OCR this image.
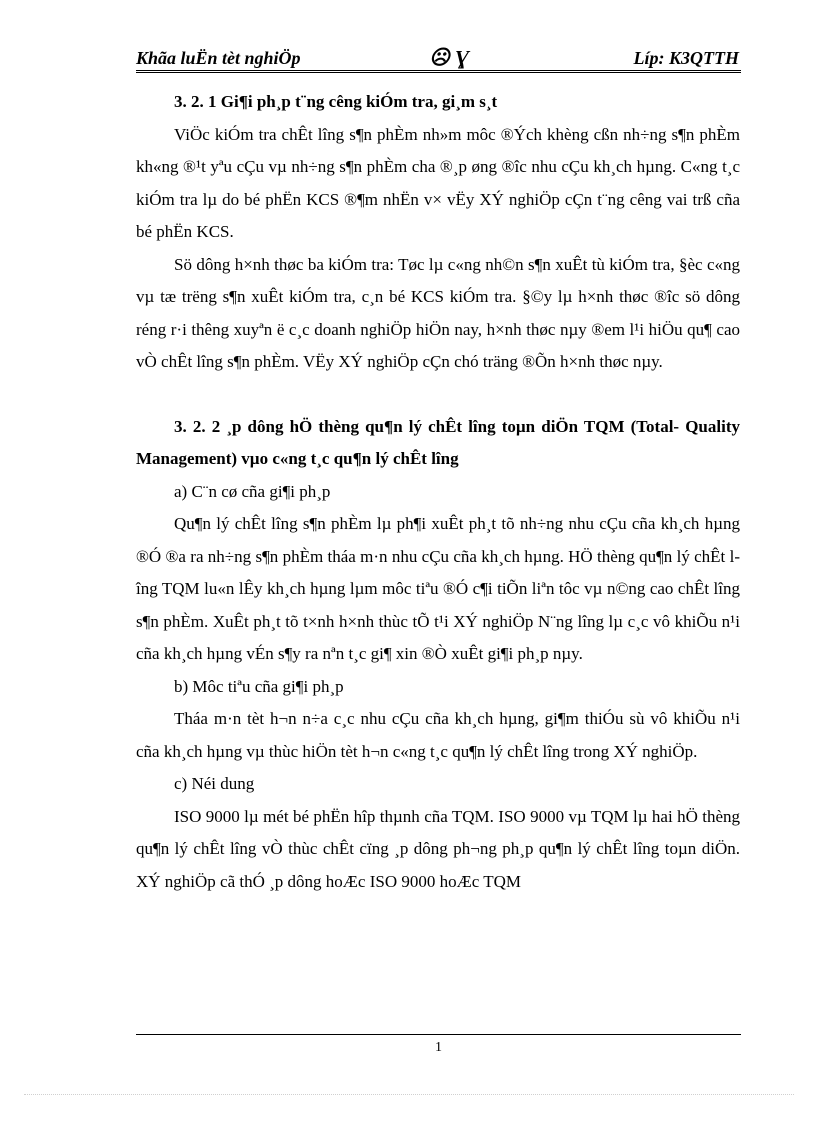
Khãa luËn tèt nghiÖp	☹ Ɣ	Líp: K3QTTH

3. 2. 1 Gi¶i ph¸p t¨ng cêng kiÓm tra, gi¸m s¸t

ViÖc kiÓm tra chÊt lîng s¶n phÈm nh»m môc ®Ých khèng cßn nh÷ng s¶n phÈm kh«ng ®¹t yªu cÇu vµ nh÷ng s¶n phÈm cha ®¸p øng ®îc nhu cÇu kh¸ch hµng. C«ng t¸c kiÓm tra lµ do bé phËn KCS ®¶m nhËn v× vËy XÝ nghiÖp cÇn t¨ng cêng vai trß cña bé phËn KCS.

Sö dông h×nh thøc ba kiÓm tra: Tøc lµ c«ng nh©n s¶n xuÊt tù kiÓm tra, §èc c«ng vµ tæ trëng s¶n xuÊt kiÓm tra, c¸n bé KCS kiÓm tra. §©y lµ h×nh thøc ®îc sö dông réng r·i thêng xuyªn ë c¸c doanh nghiÖp hiÖn nay, h×nh thøc nµy ®em l¹i hiÖu qu¶ cao vÒ chÊt lîng s¶n phÈm. VËy XÝ nghiÖp cÇn chó träng ®Õn h×nh thøc nµy.

3. 2. 2 ¸p dông hÖ thèng qu¶n lý chÊt lîng toµn diÖn TQM (Total- Quality Management) vµo c«ng t¸c qu¶n lý chÊt lîng

a) C¨n cø cña gi¶i ph¸p

Qu¶n lý chÊt lîng s¶n phÈm lµ ph¶i xuÊt ph¸t tõ nh÷ng nhu cÇu cña kh¸ch hµng ®Ó ®a ra nh÷ng s¶n phÈm tháa m·n nhu cÇu cña kh¸ch hµng. HÖ thèng qu¶n lý chÊt lîng TQM lu«n lÊy kh¸ch hµng lµm môc tiªu ®Ó c¶i tiÕn liªn tôc vµ n©ng cao chÊt lîng s¶n phÈm. XuÊt ph¸t tõ t×nh h×nh thùc tÕ t¹i XÝ nghiÖp N¨ng lîng lµ c¸c vô khiÕu n¹i cña kh¸ch hµng vÉn s¶y ra nªn t¸c gi¶ xin ®Ò xuÊt gi¶i ph¸p nµy.

b) Môc tiªu cña gi¶i ph¸p

Tháa m·n tèt h¬n n÷a c¸c nhu cÇu cña kh¸ch hµng, gi¶m thiÓu sù vô khiÕu n¹i cña kh¸ch hµng vµ thùc hiÖn tèt h¬n c«ng t¸c qu¶n lý chÊt lîng trong XÝ nghiÖp.

c) Néi dung

ISO 9000 lµ mét bé phËn hîp thµnh cña TQM. ISO 9000 vµ TQM lµ hai hÖ thèng qu¶n lý chÊt lîng vÒ thùc chÊt cïng ¸p dông ph¬ng ph¸p qu¶n lý chÊt lîng toµn diÖn. XÝ nghiÖp cã thÓ ¸p dông hoÆc ISO 9000 hoÆc TQM

1
